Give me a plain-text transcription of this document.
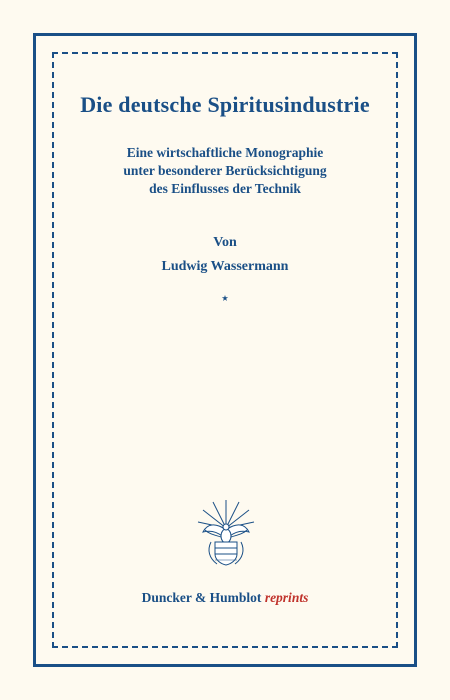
Die deutsche Spiritusindustrie
Eine wirtschaftliche Monographie
unter besonderer Berücksichtigung
des Einflusses der Technik
Von
Ludwig Wassermann
⭑
Duncker & Humblot reprints
